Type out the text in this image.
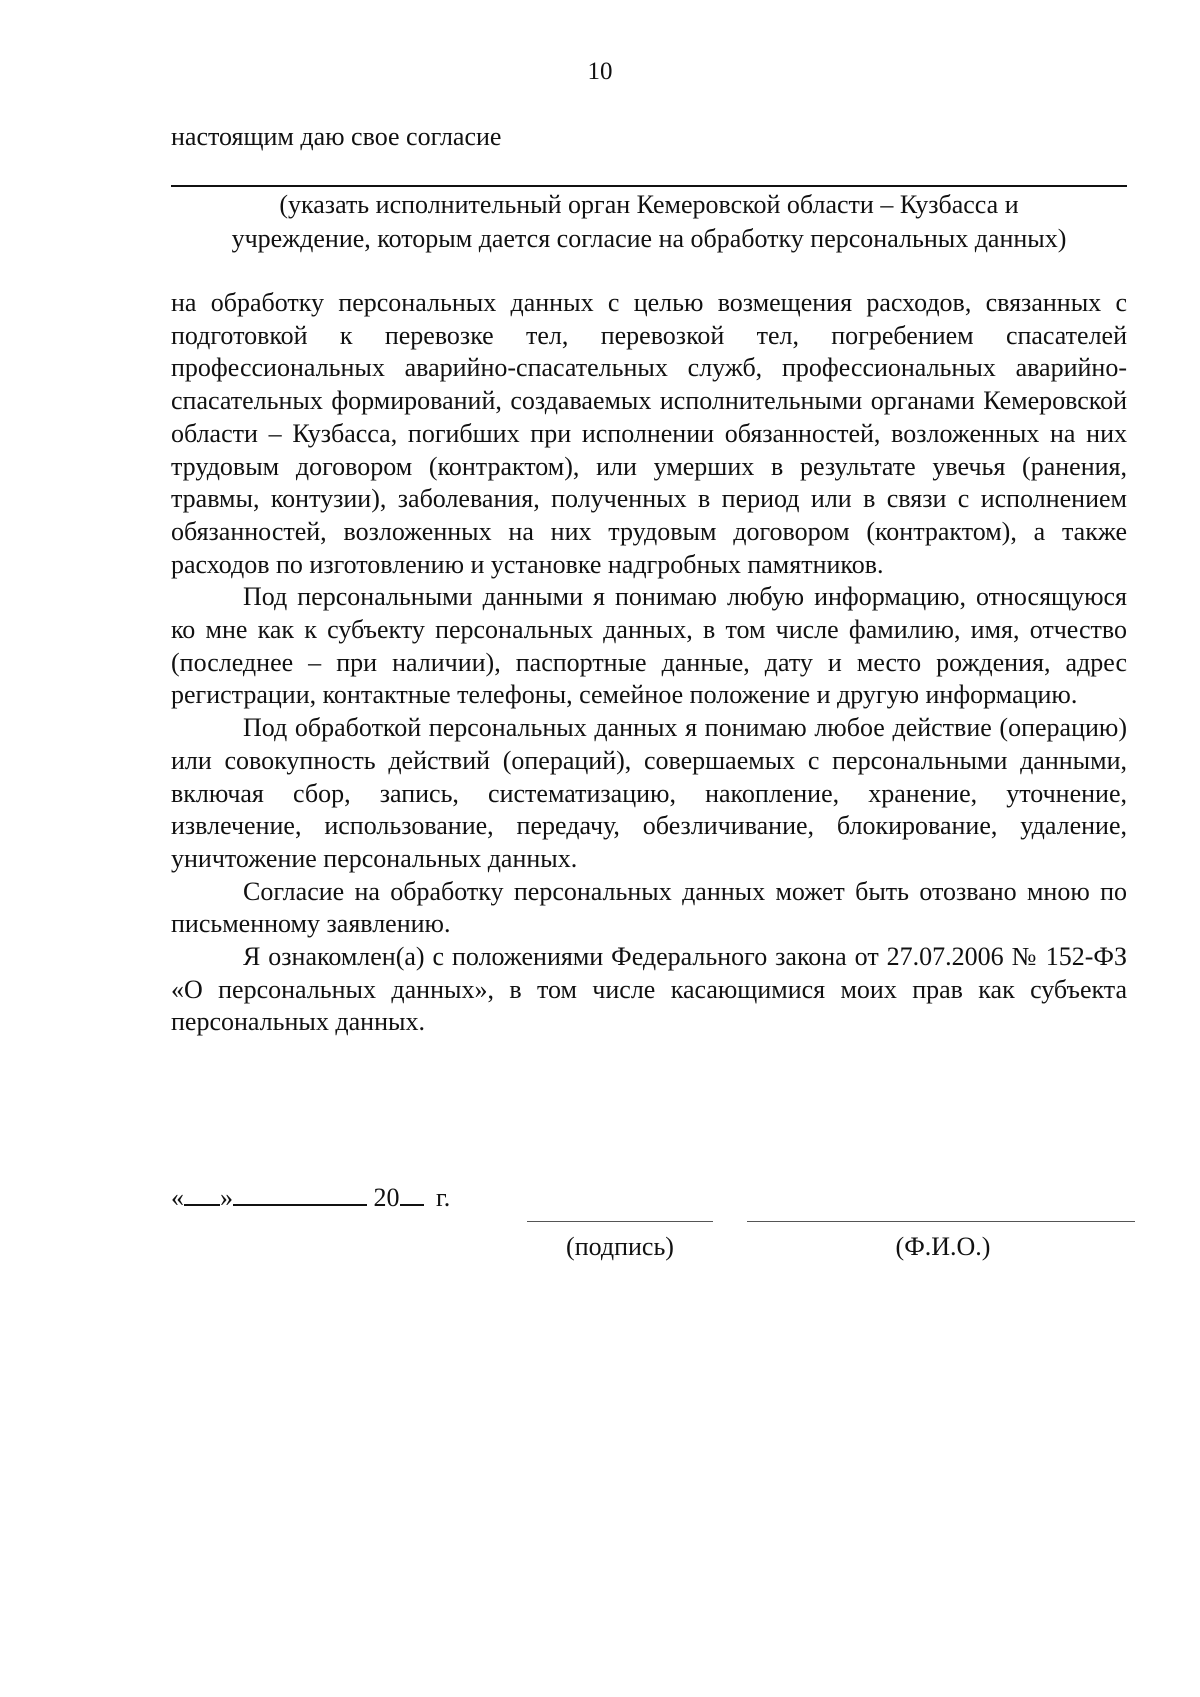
10
настоящим даю свое согласие
(указать исполнительный орган Кемеровской области – Кузбасса и
учреждение, которым дается согласие на обработку персональных данных)

на обработку персональных данных с целью возмещения расходов, связанных с подготовкой к перевозке тел, перевозкой тел, погребением спасателей профессиональных аварийно-спасательных служб, профессиональных аварийно-спасательных формирований, создаваемых исполнительными органами Кемеровской области – Кузбасса, погибших при исполнении обязанностей, возложенных на них трудовым договором (контрактом), или умерших в результате увечья (ранения, травмы, контузии), заболевания, полученных в период или в связи с исполнением обязанностей, возложенных на них трудовым договором (контрактом), а также расходов по изготовлению и установке надгробных памятников.

Под персональными данными я понимаю любую информацию, относящуюся ко мне как к субъекту персональных данных, в том числе фамилию, имя, отчество (последнее – при наличии), паспортные данные, дату и место рождения, адрес регистрации, контактные телефоны, семейное положение и другую информацию.

Под обработкой персональных данных я понимаю любое действие (операцию) или совокупность действий (операций), совершаемых с персональными данными, включая сбор, запись, систематизацию, накопление, хранение, уточнение, извлечение, использование, передачу, обезличивание, блокирование, удаление, уничтожение персональных данных.

Согласие на обработку персональных данных может быть отозвано мною по письменному заявлению.

Я ознакомлен(а) с положениями Федерального закона от 27.07.2006 № 152-ФЗ «О персональных данных», в том числе касающимися моих прав как субъекта персональных данных.

« »	20 г.
(подпись)	(Ф.И.О.)
